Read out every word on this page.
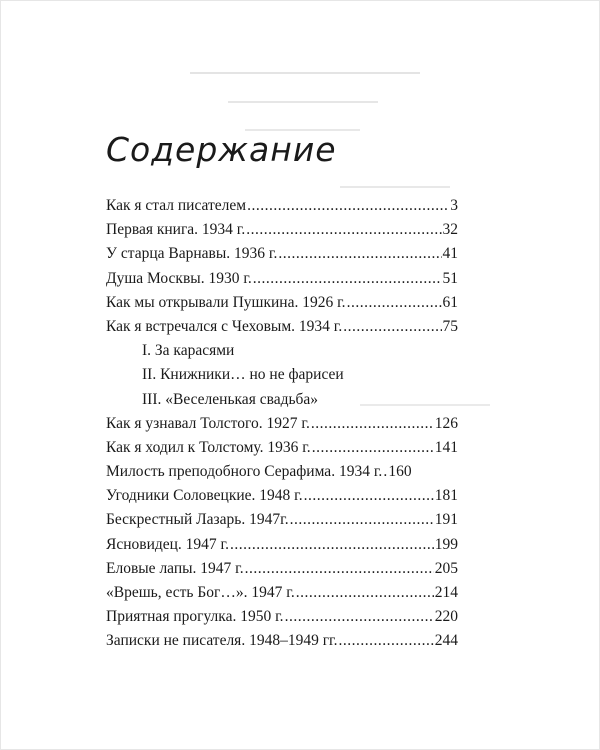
Содержание
Как я стал писателем .....	3
Первая книга. 1934 г. .....	32
У старца Варнавы. 1936 г. .....	41
Душа Москвы. 1930 г. .....	51
Как мы открывали Пушкина. 1926 г. .....	61
Как я встречался с Чеховым. 1934 г. .....	75
I. За карасями
II. Книжники… но не фарисеи
III. «Веселенькая свадьба»
Как я узнавал Толстого. 1927 г. .....	126
Как я ходил к Толстому. 1936 г. .....	141
Милость преподобного Серафима. 1934 г. ..... 160
Угодники Соловецкие. 1948 г. .....	181
Бескрестный Лазарь. 1947г. .....	191
Ясновидец. 1947 г. .....	199
Еловые лапы. 1947 г. .....	205
«Врешь, есть Бог…». 1947 г. .....	214
Приятная прогулка. 1950 г. .....	220
Записки не писателя. 1948–1949 гг. .....	244
